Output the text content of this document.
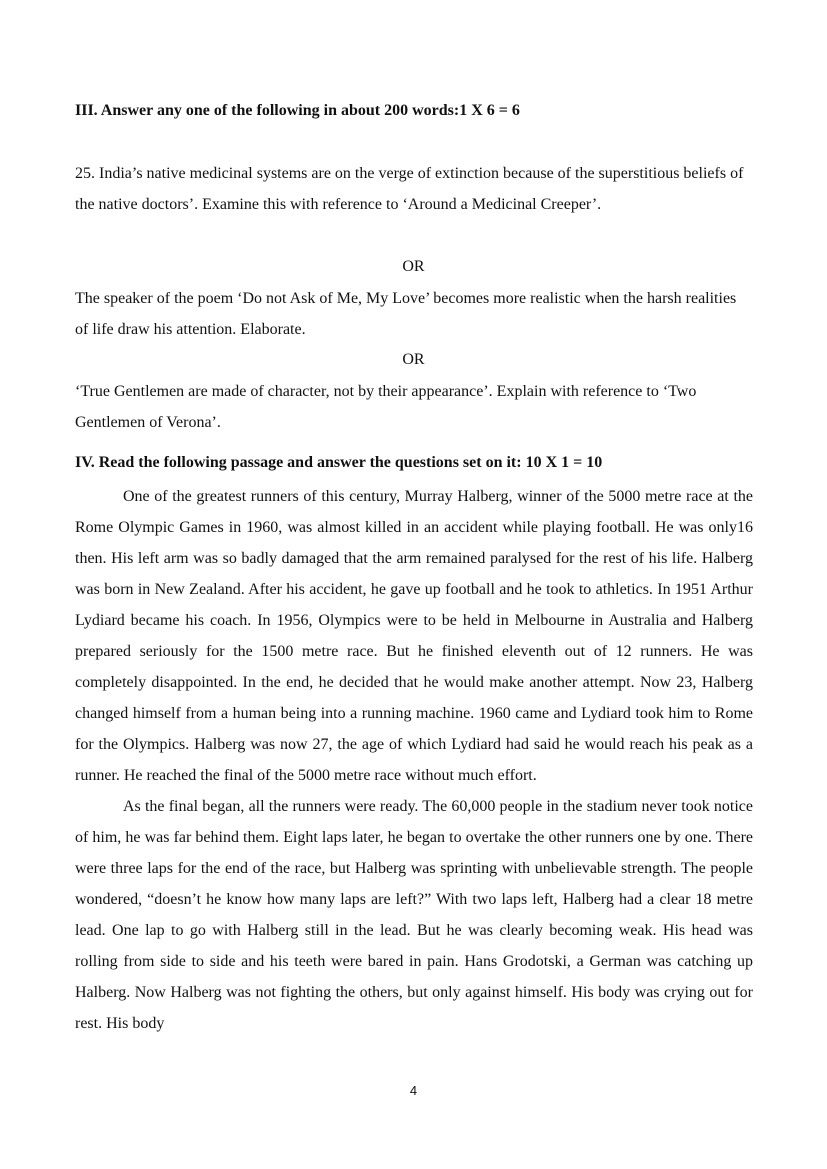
III. Answer any one of the following in about 200 words:1 X 6 = 6

25. India’s native medicinal systems are on the verge of extinction because of the superstitious beliefs of the native doctors’. Examine this with reference to ‘Around a Medicinal Creeper’.

OR

The speaker of the poem ‘Do not Ask of Me, My Love’ becomes more realistic when the harsh realities of life draw his attention. Elaborate.

OR

‘True Gentlemen are made of character, not by their appearance’. Explain with reference to ‘Two Gentlemen of Verona’.

IV. Read the following passage and answer the questions set on it: 10 X 1 = 10

One of the greatest runners of this century, Murray Halberg, winner of the 5000 metre race at the Rome Olympic Games in 1960, was almost killed in an accident while playing football. He was only16 then. His left arm was so badly damaged that the arm remained paralysed for the rest of his life. Halberg was born in New Zealand. After his accident, he gave up football and he took to athletics. In 1951 Arthur Lydiard became his coach. In 1956, Olympics were to be held in Melbourne in Australia and Halberg prepared seriously for the 1500 metre race. But he finished eleventh out of 12 runners. He was completely disappointed. In the end, he decided that he would make another attempt. Now 23, Halberg changed himself from a human being into a running machine. 1960 came and Lydiard took him to Rome for the Olympics. Halberg was now 27, the age of which Lydiard had said he would reach his peak as a runner. He reached the final of the 5000 metre race without much effort.

As the final began, all the runners were ready. The 60,000 people in the stadium never took notice of him, he was far behind them. Eight laps later, he began to overtake the other runners one by one. There were three laps for the end of the race, but Halberg was sprinting with unbelievable strength. The people wondered, “doesn’t he know how many laps are left?” With two laps left, Halberg had a clear 18 metre lead. One lap to go with Halberg still in the lead. But he was clearly becoming weak. His head was rolling from side to side and his teeth were bared in pain. Hans Grodotski, a German was catching up Halberg. Now Halberg was not fighting the others, but only against himself. His body was crying out for rest. His body

4
